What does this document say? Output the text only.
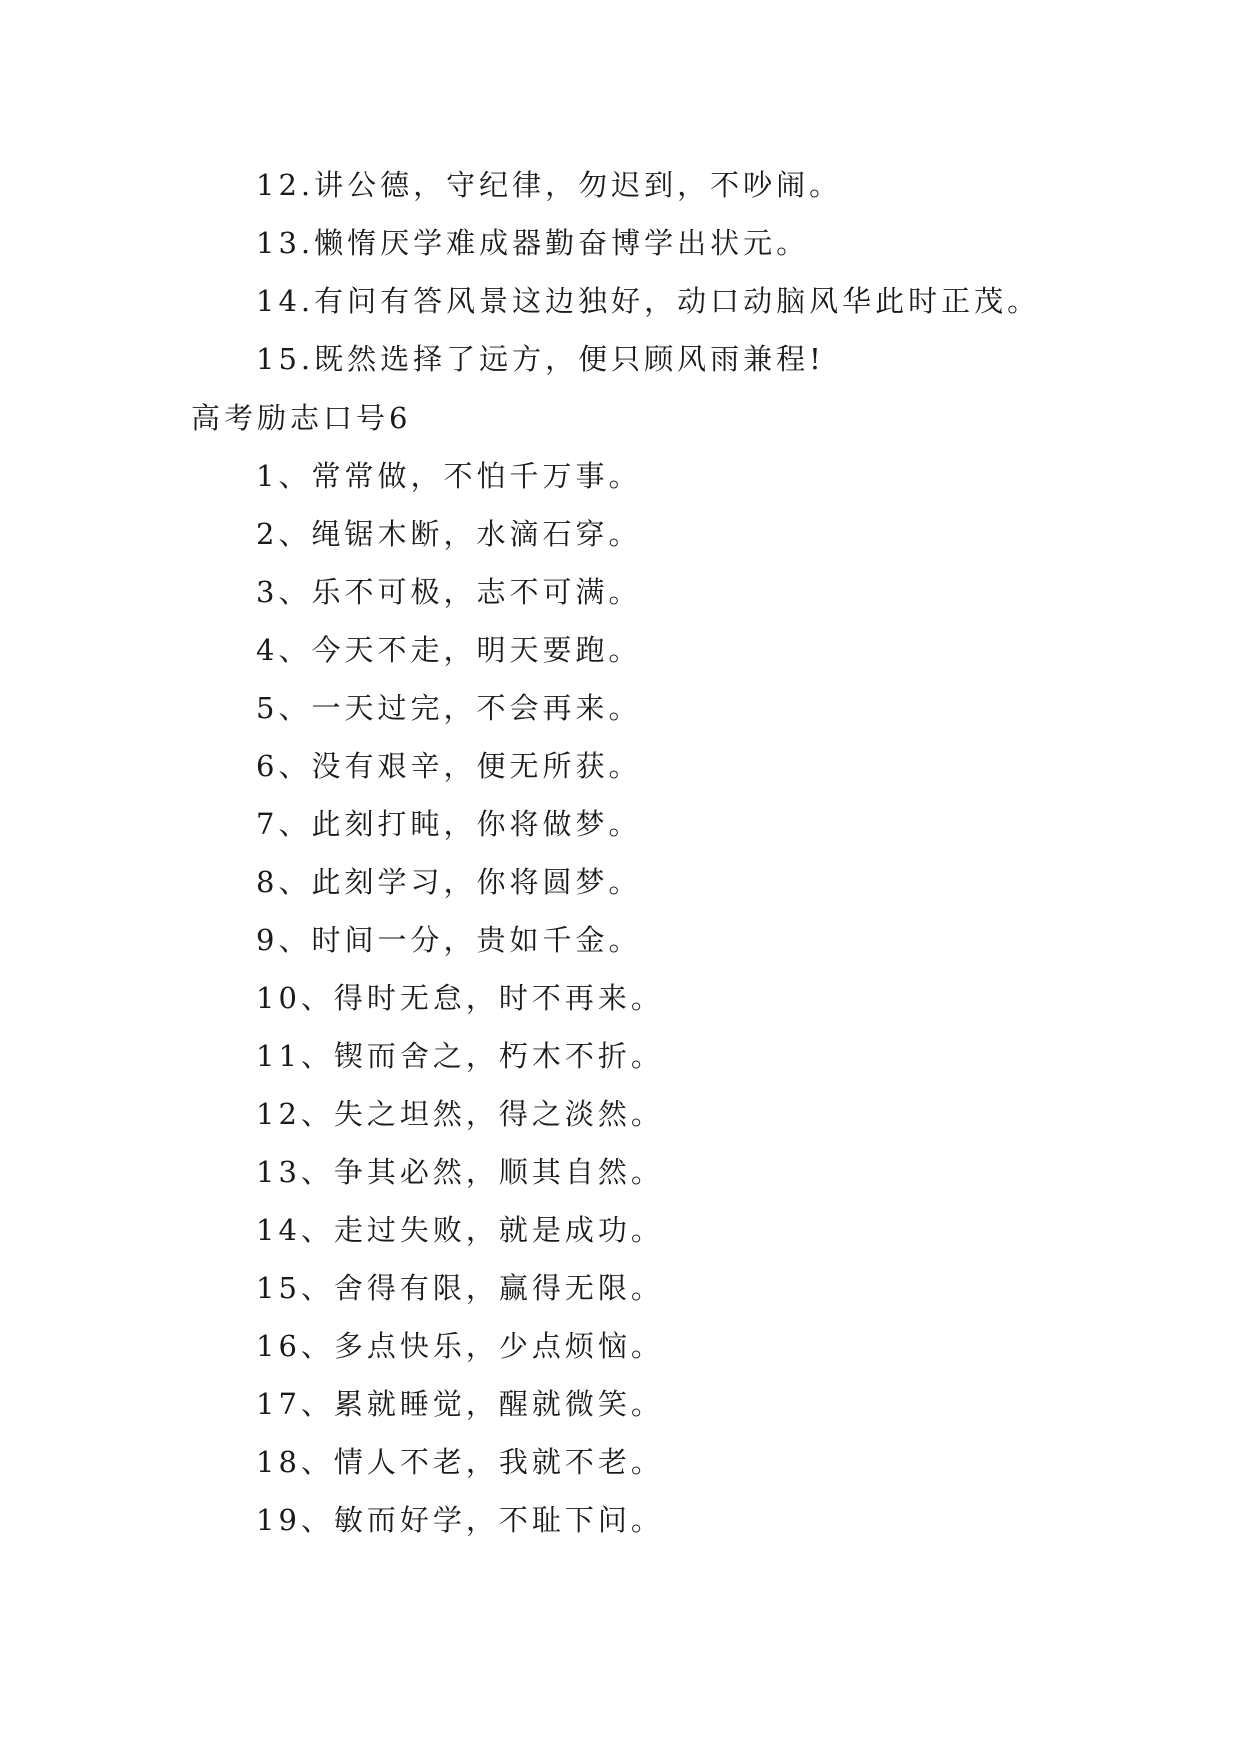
12.讲公德，守纪律，勿迟到，不吵闹。
13.懒惰厌学难成器勤奋博学出状元。
14.有问有答风景这边独好，动口动脑风华此时正茂。
15.既然选择了远方，便只顾风雨兼程!
高考励志口号6
1、常常做，不怕千万事。
2、绳锯木断，水滴石穿。
3、乐不可极，志不可满。
4、今天不走，明天要跑。
5、一天过完，不会再来。
6、没有艰辛，便无所获。
7、此刻打盹，你将做梦。
8、此刻学习，你将圆梦。
9、时间一分，贵如千金。
10、得时无怠，时不再来。
11、锲而舍之，朽木不折。
12、失之坦然，得之淡然。
13、争其必然，顺其自然。
14、走过失败，就是成功。
15、舍得有限，赢得无限。
16、多点快乐，少点烦恼。
17、累就睡觉，醒就微笑。
18、情人不老，我就不老。
19、敏而好学，不耻下问。
